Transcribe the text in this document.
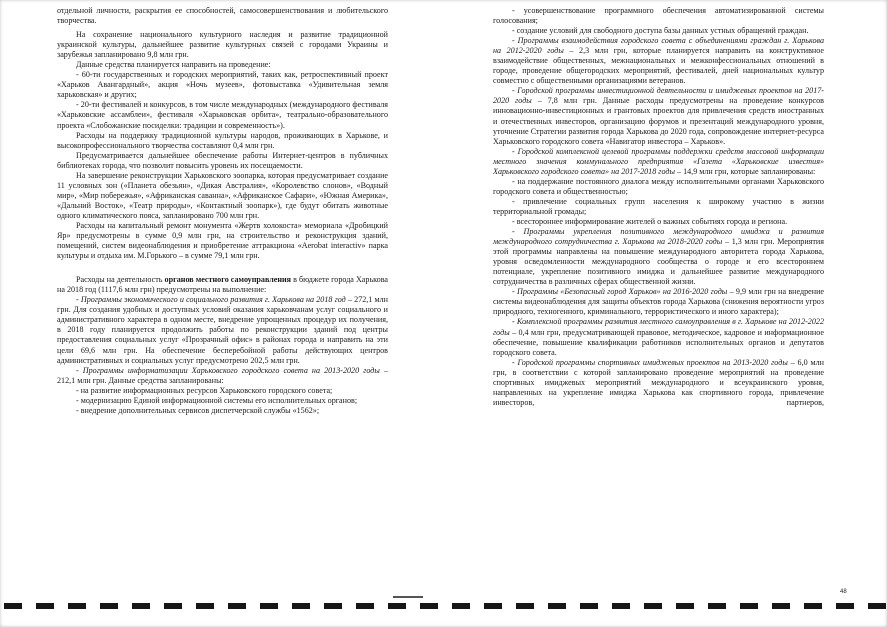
отдельной личности, раскрытия ее способностей, самосовершенствования и любительского творчества.

На сохранение национального культурного наследия и развитие традиционной украинской культуры, дальнейшее развитие культурных связей с городами Украины и зарубежья запланировано 9,8 млн грн.

Данные средства планируется направить на проведение:

- 60-ти государственных и городских мероприятий, таких как, ретроспективный проект «Харьков Авангардный», акция «Ночь музеев», фотовыставка «Удивительная земля харьковская» и других;

- 20-ти фестивалей и конкурсов, в том числе международных (международного фестиваля «Харьковские ассамблеи», фестиваля «Харьковская орбита», театрально-образовательного проекта «Слобожанские посиделки: традиции и современность»).

Расходы на поддержку традиционной культуры народов, проживающих в Харькове, и высокопрофессионального творчества составляют 0,4 млн грн.

Предусматривается дальнейшее обеспечение работы Интернет-центров в публичных библиотеках города, что позволит повысить уровень их посещаемости.

На завершение реконструкции Харьковского зоопарка, которая предусматривает создание 11 условных зон («Планета обезьян», «Дикая Австралия», «Королевство слонов», «Водный мир», «Мир побережья», «Африканская саванна», «Африканское Сафари», «Южная Америка», «Дальний Восток», «Театр природы», «Контактный зоопарк»), где будут обитать животные одного климатического пояса, запланировано 700 млн грн.

Расходы на капитальный ремонт монумента «Жертв холокоста» мемориала «Дробицкий Яр» предусмотрены в сумме 0,9 млн грн, на строительство и реконструкция зданий, помещений, систем видеонаблюдения и приобретение аттракциона «Aerobat interactiv» парка культуры и отдыха им. М.Горького – в сумме 79,1 млн грн.

Расходы на деятельность органов местного самоуправления в бюджете города Харькова на 2018 год (1117,6 млн грн) предусмотрены на выполнение:

- Программы экономического и социального развития г. Харькова на 2018 год – 272,1 млн грн. Для создания удобных и доступных условий оказания харьковчанам услуг социального и административного характера в одном месте, внедрение упрощенных процедур их получения, в 2018 году планируется продолжить работы по реконструкции зданий под центры предоставления социальных услуг «Прозрачный офис» в районах города и направить на эти цели 69,6 млн грн. На обеспечение бесперебойной работы действующих центров административных и социальных услуг предусмотрено 202,5 млн грн.

- Программы информатизации Харьковского городского совета на 2013-2020 годы – 212,1 млн грн. Данные средства запланированы:

- на развитие информационных ресурсов Харьковского городского совета;

- модернизацию Единой информационной системы его исполнительных органов;

- внедрение дополнительных сервисов диспетчерской службы «1562»;

- усовершенствование программного обеспечения автоматизированной системы голосования;

- создание условий для свободного доступа базы данных устных обращений граждан.

- Программы взаимодействия городского совета с объединениями граждан г. Харькова на 2012-2020 годы – 2,3 млн грн, которые планируется направить на конструктивное взаимодействие общественных, межнациональных и межконфессиональных отношений в городе, проведение общегородских мероприятий, фестивалей, дней национальных культур совместно с общественными организациями ветеранов.

- Городской программы инвестиционной деятельности и имиджевых проектов на 2017-2020 годы – 7,8 млн грн. Данные расходы предусмотрены на проведение конкурсов инновационно-инвестиционных и грантовых проектов для привлечения средств иностранных и отечественных инвесторов, организацию форумов и презентаций международного уровня, уточнение Стратегии развития города Харькова до 2020 года, сопровождение интернет-ресурса Харьковского городского совета «Навигатор инвестора – Харьков».

- Городской комплексной целевой программы поддержки средств массовой информации местного значения коммунального предприятия «Газета «Харьковские известия» Харьковского городского совета» на 2017-2018 годы – 14,9 млн грн, которые запланированы:

- на поддержание постоянного диалога между исполнительными органами Харьковского городского совета и общественностью;

- привлечение социальных групп населения к широкому участию в жизни территориальной громады;

- всестороннее информирование жителей о важных событиях города и региона.

- Программы укрепления позитивного международного имиджа и развития международного сотрудничества г. Харькова на 2018-2020 годы – 1,3 млн грн. Мероприятия этой программы направлены на повышение международного авторитета города Харькова, уровня осведомленности международного сообщества о городе и его всестороннем потенциале, укрепление позитивного имиджа и дальнейшее развитие международного сотрудничества в различных сферах общественной жизни.

- Программы «Безопасный город Харьков» на 2016-2020 годы – 9,9 млн грн на внедрение системы видеонаблюдения для защиты объектов города Харькова (снижения вероятности угроз природного, техногенного, криминального, террористического и иного характера);

- Комплексной программы развития местного самоуправления в г. Харькове на 2012-2022 годы – 0,4 млн грн, предусматривающей правовое, методическое, кадровое и информационное обеспечение, повышение квалификации работников исполнительных органов и депутатов городского совета.

- Городской программы спортивных имиджевых проектов на 2013-2020 годы – 6,0 млн грн, в соответствии с которой запланировано проведение мероприятий на проведение спортивных имиджевых мероприятий международного и всеукраинского уровня, направленных на укрепление имиджа Харькова как спортивного города, привлечение инвесторов, партнеров,

48
